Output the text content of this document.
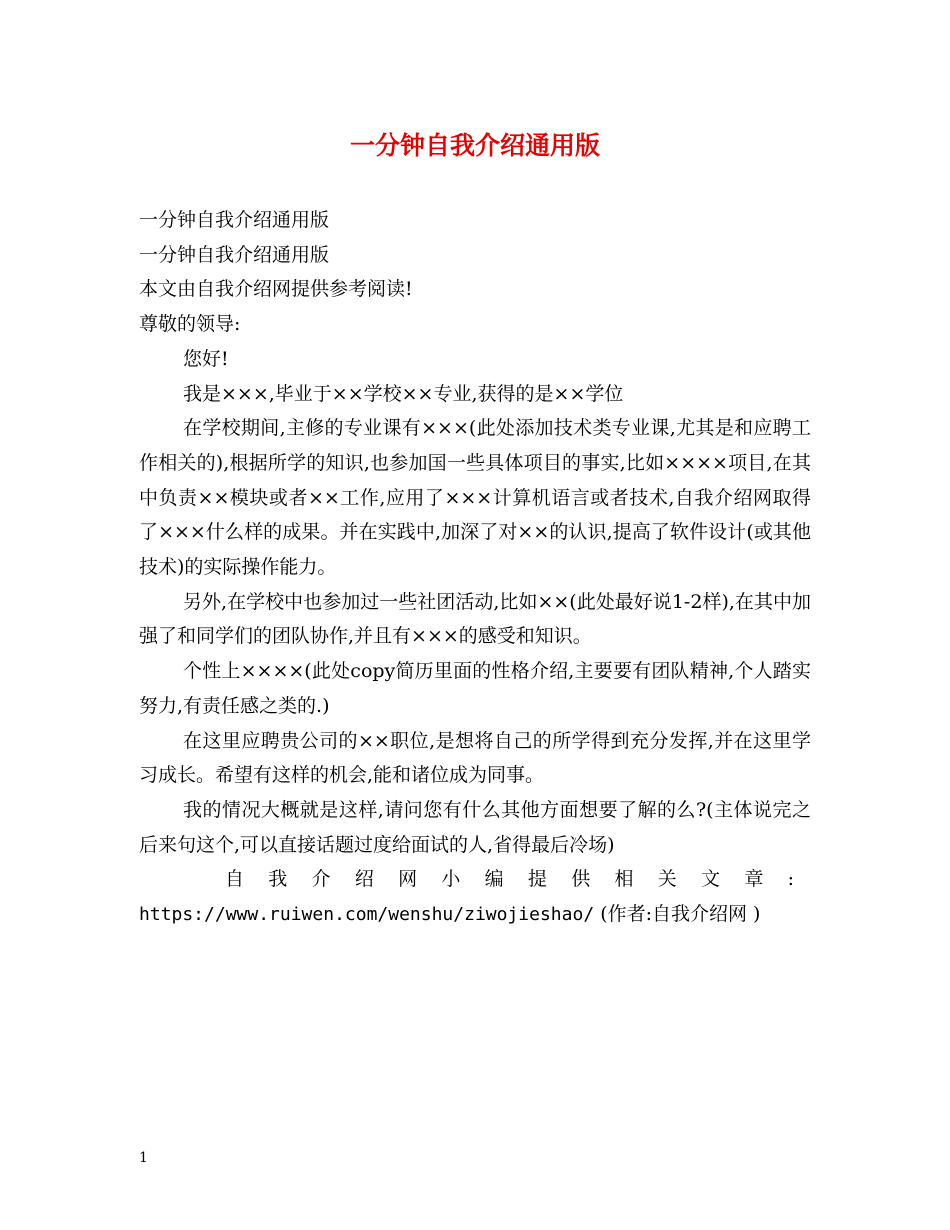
一分钟自我介绍通用版

一分钟自我介绍通用版

一分钟自我介绍通用版

本文由自我介绍网提供参考阅读!

尊敬的领导:

您好!

我是×××,毕业于××学校××专业,获得的是××学位

在学校期间,主修的专业课有×××(此处添加技术类专业课,尤其是和应聘工作相关的),根据所学的知识,也参加国一些具体项目的事实,比如××××项目,在其中负责××模块或者××工作,应用了×××计算机语言或者技术,自我介绍网取得了×××什么样的成果。并在实践中,加深了对××的认识,提高了软件设计(或其他技术)的实际操作能力。

另外,在学校中也参加过一些社团活动,比如××(此处最好说1-2样),在其中加强了和同学们的团队协作,并且有×××的感受和知识。

个性上××××(此处copy简历里面的性格介绍,主要要有团队精神,个人踏实努力,有责任感之类的.)

在这里应聘贵公司的××职位,是想将自己的所学得到充分发挥,并在这里学习成长。希望有这样的机会,能和诸位成为同事。

我的情况大概就是这样,请问您有什么其他方面想要了解的么?(主体说完之后来句这个,可以直接话题过度给面试的人,省得最后冷场)

自我介绍网小编提供相关文章: https://www.ruiwen.com/wenshu/ziwojieshao/ (作者:自我介绍网 )

1
